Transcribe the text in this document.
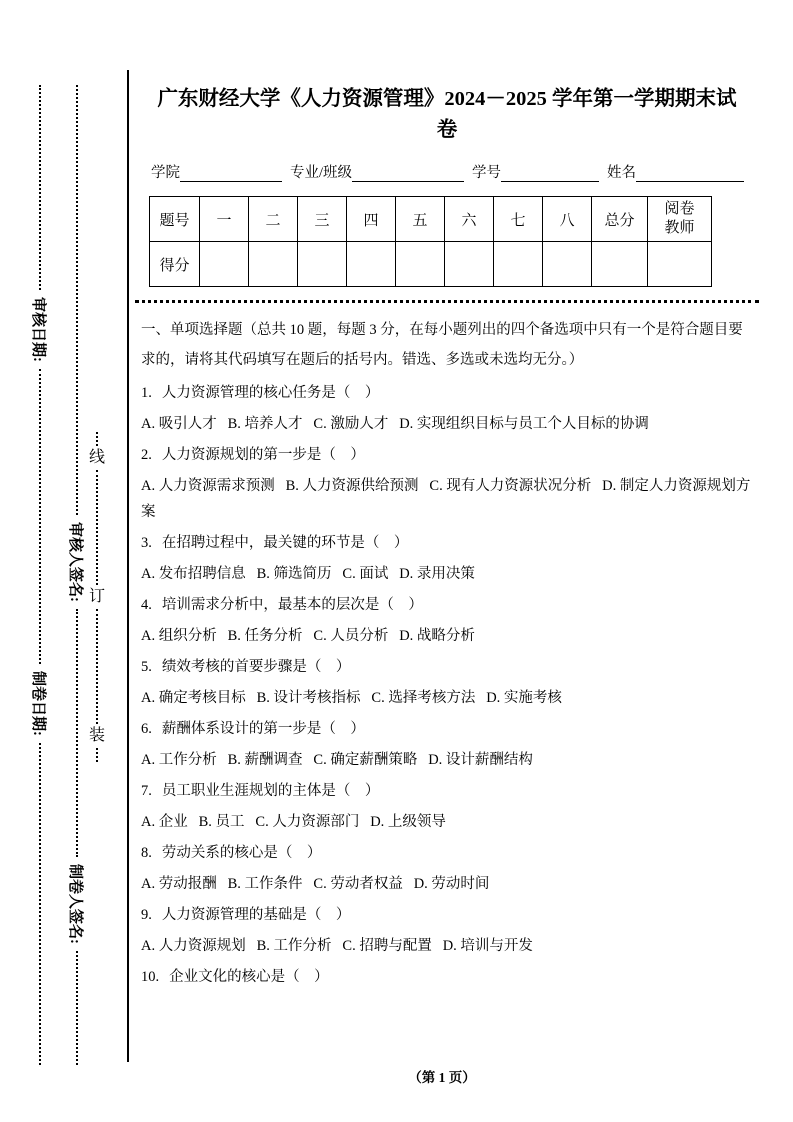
审核日期:
制卷日期:
审核人签名:
制卷人签名:
线
订
装
广东财经大学《人力资源管理》2024－2025 学年第一学期期末试
卷
学院	专业/班级	学号	姓名
题号	一	二	三	四	五	六	七	八	总分	阅卷教师
得分										

一、单项选择题（总共 10 题，每题 3 分，在每小题列出的四个备选项中只有一个是符合题目要求的，请将其代码填写在题后的括号内。错选、多选或未选均无分。）

1. 人力资源管理的核心任务是（　）

A. 吸引人才   B. 培养人才   C. 激励人才   D. 实现组织目标与员工个人目标的协调

2. 人力资源规划的第一步是（　）

A. 人力资源需求预测   B. 人力资源供给预测   C. 现有人力资源状况分析   D. 制定人力资源规划方案

3. 在招聘过程中，最关键的环节是（　）

A. 发布招聘信息   B. 筛选简历   C. 面试   D. 录用决策

4. 培训需求分析中，最基本的层次是（　）

A. 组织分析   B. 任务分析   C. 人员分析   D. 战略分析

5. 绩效考核的首要步骤是（　）

A. 确定考核目标   B. 设计考核指标   C. 选择考核方法   D. 实施考核

6. 薪酬体系设计的第一步是（　）

A. 工作分析   B. 薪酬调查   C. 确定薪酬策略   D. 设计薪酬结构

7. 员工职业生涯规划的主体是（　）

A. 企业   B. 员工   C. 人力资源部门   D. 上级领导

8. 劳动关系的核心是（　）

A. 劳动报酬   B. 工作条件   C. 劳动者权益   D. 劳动时间

9. 人力资源管理的基础是（　）

A. 人力资源规划   B. 工作分析   C. 招聘与配置   D. 培训与开发

10. 企业文化的核心是（　）

（第 1 页）
